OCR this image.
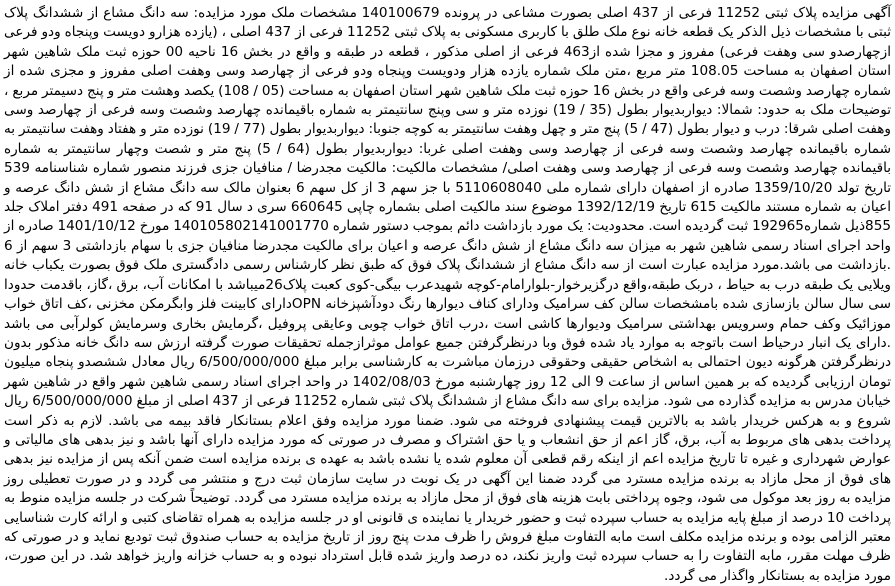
آگهی مزایده پلاک ثبتی 11252 فرعی از 437 اصلی بصورت مشاعی در پرونده 140100679 مشخصات ملک مورد مزایده: سه دانگ مشاع از ششدانگ پلاک ثبتی با مشخصات ذیل الذکر یک قطعه خانه نوع ملک طلق با کاربری مسکونی به پلاک ثبتی 11252 فرعی از 437 اصلی ، (یازده هزارو دویست وپنجاه ودو فرعی ازچهارصدو سی وهفت فرعی) مفروز و مجزا شده از463 فرعی از اصلی مذکور ، قطعه در طبقه و واقع در بخش 16 ناحیه 00 حوزه ثبت ملک شاهین شهر استان اصفهان به مساحت 108.05 متر مربع ،متن ملک شماره یازده هزار ودویست وپنجاه ودو فرعی از چهارصد وسی وهفت اصلی مفروز و مجزی شده از شماره چهارصد وشصت وسه فرعی واقع در بخش 16 حوزه ثبت ملک شاهین شهر استان اصفهان به مساحت (05 / 108) یکصد وهشت متر و پنج دسیمتر مربع ، توضیحات ملک به حدود: شمالا: دیواربدیوار بطول (35 / 19) نوزده متر و سی وپنج سانتیمتر به شماره باقیمانده چهارصد وشصت وسه فرعی از چهارصد وسی وهفت اصلی شرقا: درب و دیوار بطول (47 / 5) پنج متر و چهل وهفت سانتیمتر به کوچه جنوبا: دیواربدیوار بطول (77 / 19) نوزده متر و هفتاد وهفت سانتیمتر به شماره باقیمانده چهارصد وشصت وسه فرعی از چهارصد وسی وهفت اصلی غربا: دیواربدیوار بطول (64 / 5) پنج متر و شصت وچهار سانتیمتر به شماره باقیمانده چهارصد وشصت وسه فرعی از چهارصد وسی وهفت اصلی/ مشخصات مالکیت: مالکیت مجدرضا / منافیان جزی فرزند منصور شماره شناسنامه 539 تاریخ تولد 1359/10/20 صادره از اصفهان دارای شماره ملی 5110608040 با جز سهم 3 از کل سهم 6 بعنوان مالک سه دانگ مشاع از شش دانگ عرصه و اعیان به شماره مستند مالکیت 615 تاریخ 1392/12/19 موضوع سند مالکیت اصلی بشماره چاپی 660645 سری د سال 91 که در صفحه 491 دفتر املاک جلد 855ذیل شماره192965 ثبت گردیده است. محدودیت: یک مورد بازداشت دائم بموجب دستور شماره 140105802141001770 مورخ 1401/10/12 صادره از واحد اجرای اسناد رسمی شاهین شهر به میزان سه دانگ مشاع از شش دانگ عرصه و اعیان برای مالکیت مجدرضا منافیان جزی با سهام بازداشتی 3 سهم از 6 .بازداشت می باشد.مورد مزایده عبارت است از سه دانگ مشاع از ششدانگ پلاک فوق که طبق نظر کارشناس رسمی دادگستری ملک فوق بصورت یکباب خانه ویلایی یک طبقه درب به حیاط ، دربک طبقه،واقع درگزیرخوار-بلوارامام-کوچه شهیدعرب بیگی-کوی کعبت پلاک26میباشد با امکانات آب، برق ،گاز، باقدمت حدودا سی سال سالن بازسازی شده بامشخصات سالن کف سرامیک ودارای کناف دیوارها رنگ دودآشپزخانه OPNدارای کابینت فلز وابگرمکن مخزنی ،کف اتاق خواب موزائیک وکف حمام وسرویس بهداشتی سرامیک ودیوارها کاشی است ،درب اتاق خواب چوبی وعایقی پروفیل ،گرمایش بخاری وسرمایش کولرآبی می باشد .دارای یک انبار درحیاط است باتوجه به موارد یاد شده فوق وبا درنظرگرفتن جمیع عوامل موثرازجمله تحقیقات صورت گرفته ارزش سه دانگ خانه مذکور بدون درنظرگرفتن هرگونه دیون احتمالی به اشخاص حقیقی وحقوقی درزمان مباشرت به کارشناسی برابر مبلغ 6/500/000/000 ریال معادل ششصدو پنجاه میلیون تومان ارزیابی گردیده که بر همین اساس از ساعت 9 الی 12 روز چهارشنبه مورخ 1402/08/03 در واحد اجرای اسناد رسمی شاهین شهر واقع در شاهین شهر خیابان مدرس به مزایده گذارده می شود. مزایده برای سه دانگ مشاع از ششدانگ پلاک ثبتی شماره 11252 فرعی از 437 اصلی از مبلغ 6/500/000/000 ریال شروع و به هرکس خریدار باشد به بالاترین قیمت پیشنهادی فروخته می شود. ضمنا مورد مزایده وفق اعلام بستانکار فاقد بیمه می باشد. لازم به ذکر است پرداخت بدهی های مربوط به آب، برق، گاز اعم از حق انشعاب و یا حق اشتراک و مصرف در صورتی که مورد مزایده دارای آنها باشد و نیز بدهی های مالیاتی و عوارض شهرداری و غیره تا تاریخ مزایده اعم از اینکه رقم قطعی آن معلوم شده یا نشده باشد به عهده ی برنده مزایده است ضمن آنکه پس از مزایده نیز بدهی های فوق از محل مازاد به برنده مزایده مسترد می گردد ضمنا این آگهی در یک نوبت در سایت سازمان ثبت درج و منتشر می گردد و در صورت تعطیلی روز مزایده به روز بعد موکول می شود، وجوه پرداختی بابت هزینه های فوق از محل مازاد به برنده مزایده مسترد می گردد. توضیحاً شرکت در جلسه مزایده منوط به پرداخت 10 درصد از مبلغ پایه مزایده به حساب سپرده ثبت و حضور خریدار یا نماینده ی قانونی او در جلسه مزایده به همراه تقاضای کتبی و ارائه کارت شناسایی معتبر الزامی بوده و برنده مزایده مکلف است مابه التفاوت مبلغ فروش را ظرف مدت پنج روز از تاریخ مزایده به حساب صندوق ثبت تودیع نماید و در صورتی که ظرف مهلت مقرر، مابه التفاوت را به حساب سپرده ثبت واریز نکند، ده درصد واریز شده قابل استرداد نبوده و به حساب خزانه واریز خواهد شد. در این صورت، مورد مزایده به بستانکار واگذار می گردد.
